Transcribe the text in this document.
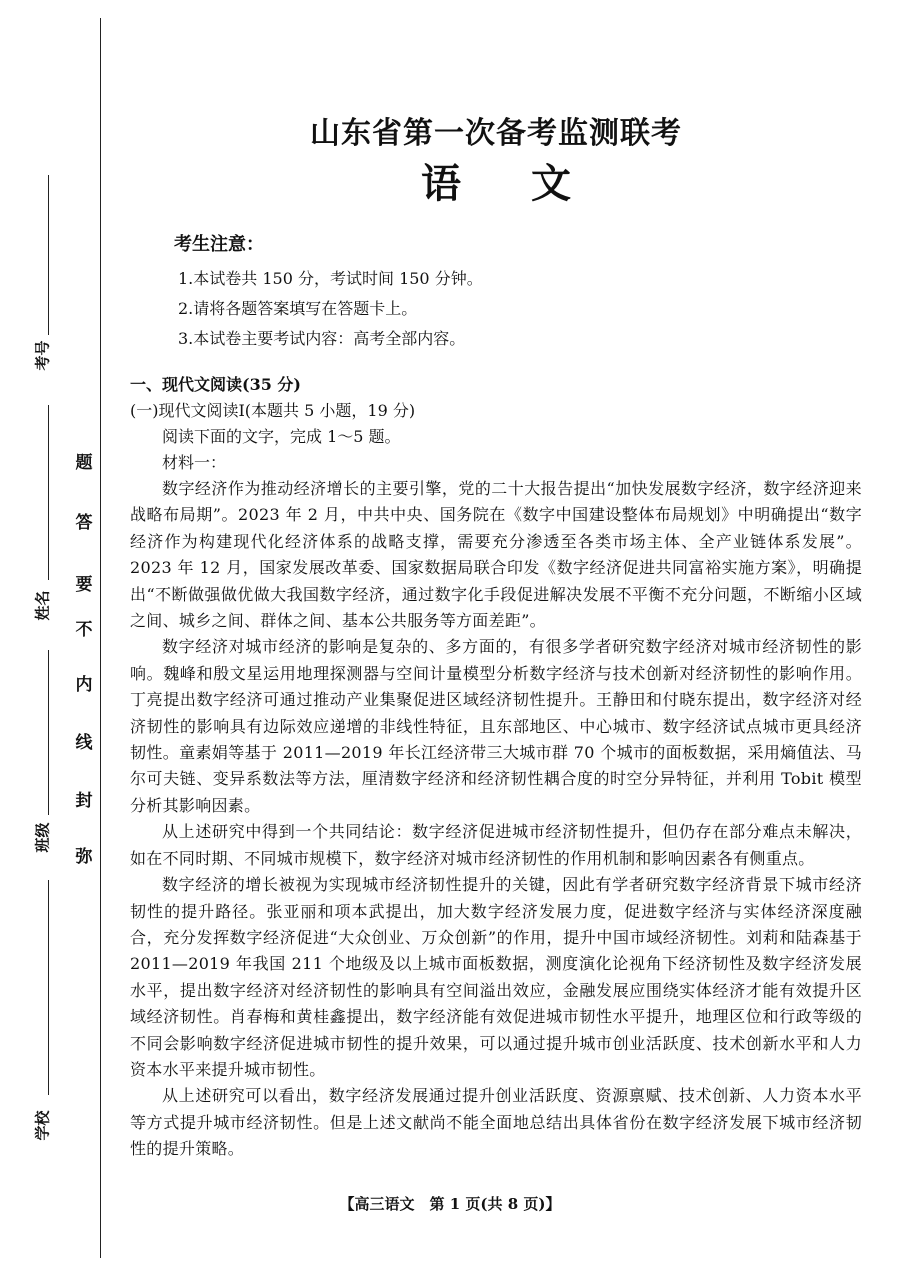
考号
姓名
班级
学校
题
答
要
不
内
线
封
弥
山东省第一次备考监测联考
语文
考生注意：
1.本试卷共 150 分，考试时间 150 分钟。
2.请将各题答案填写在答题卡上。
3.本试卷主要考试内容：高考全部内容。
一、现代文阅读(35 分)
(一)现代文阅读Ⅰ(本题共 5 小题，19 分)
阅读下面的文字，完成 1～5 题。
材料一：

数字经济作为推动经济增长的主要引擎，党的二十大报告提出“加快发展数字经济，数字经济迎来战略布局期”。2023 年 2 月，中共中央、国务院在《数字中国建设整体布局规划》中明确提出“数字经济作为构建现代化经济体系的战略支撑，需要充分渗透至各类市场主体、全产业链体系发展”。2023 年 12 月，国家发展改革委、国家数据局联合印发《数字经济促进共同富裕实施方案》，明确提出“不断做强做优做大我国数字经济，通过数字化手段促进解决发展不平衡不充分问题，不断缩小区域之间、城乡之间、群体之间、基本公共服务等方面差距”。

数字经济对城市经济的影响是复杂的、多方面的，有很多学者研究数字经济对城市经济韧性的影响。魏峰和殷文星运用地理探测器与空间计量模型分析数字经济与技术创新对经济韧性的影响作用。丁亮提出数字经济可通过推动产业集聚促进区域经济韧性提升。王静田和付晓东提出，数字经济对经济韧性的影响具有边际效应递增的非线性特征，且东部地区、中心城市、数字经济试点城市更具经济韧性。童素娟等基于 2011—2019 年长江经济带三大城市群 70 个城市的面板数据，采用熵值法、马尔可夫链、变异系数法等方法，厘清数字经济和经济韧性耦合度的时空分异特征，并利用 Tobit 模型分析其影响因素。

从上述研究中得到一个共同结论：数字经济促进城市经济韧性提升，但仍存在部分难点未解决，如在不同时期、不同城市规模下，数字经济对城市经济韧性的作用机制和影响因素各有侧重点。

数字经济的增长被视为实现城市经济韧性提升的关键，因此有学者研究数字经济背景下城市经济韧性的提升路径。张亚丽和项本武提出，加大数字经济发展力度，促进数字经济与实体经济深度融合，充分发挥数字经济促进“大众创业、万众创新”的作用，提升中国市域经济韧性。刘莉和陆森基于 2011—2019 年我国 211 个地级及以上城市面板数据，测度演化论视角下经济韧性及数字经济发展水平，提出数字经济对经济韧性的影响具有空间溢出效应，金融发展应围绕实体经济才能有效提升区域经济韧性。肖春梅和黄桂鑫提出，数字经济能有效促进城市韧性水平提升，地理区位和行政等级的不同会影响数字经济促进城市韧性的提升效果，可以通过提升城市创业活跃度、技术创新水平和人力资本水平来提升城市韧性。

从上述研究可以看出，数字经济发展通过提升创业活跃度、资源禀赋、技术创新、人力资本水平等方式提升城市经济韧性。但是上述文献尚不能全面地总结出具体省份在数字经济发展下城市经济韧性的提升策略。

【高三语文　第 1 页(共 8 页)】
